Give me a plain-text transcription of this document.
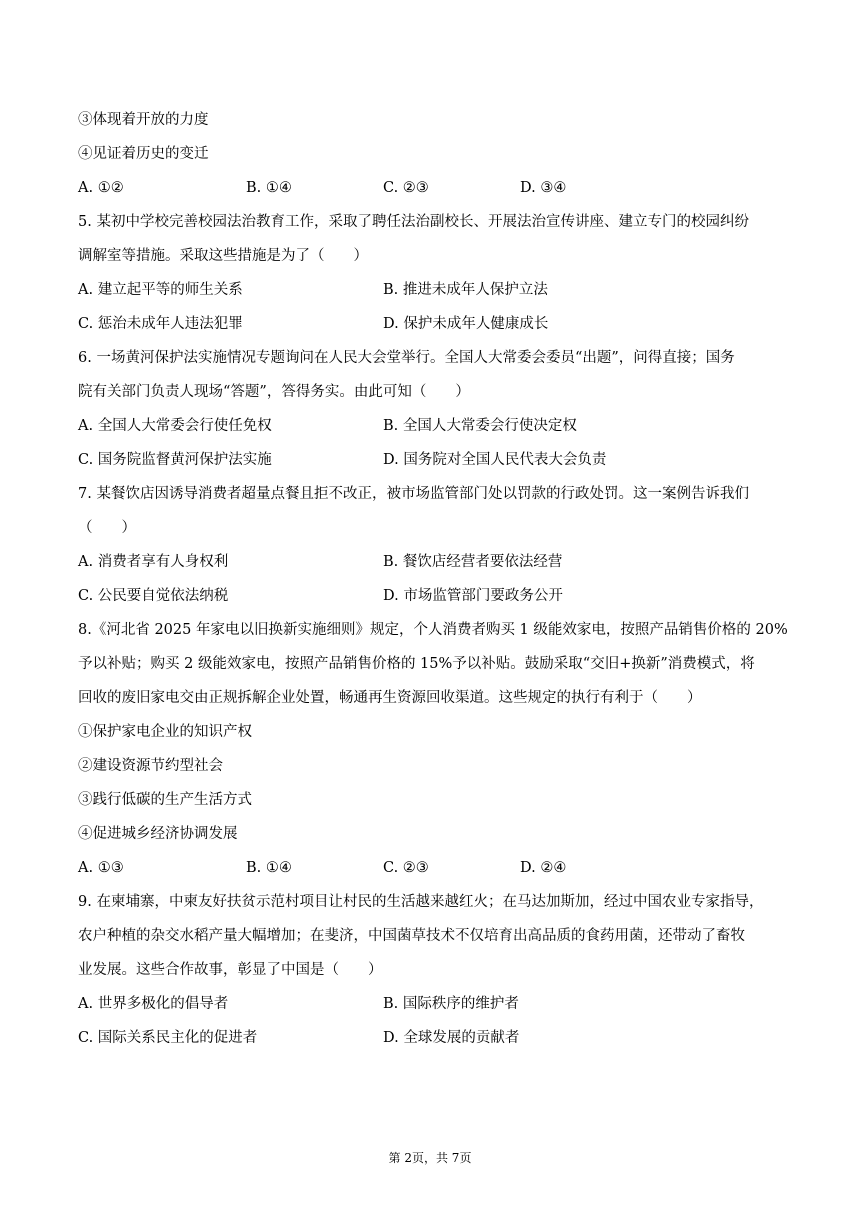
③体现着开放的力度
④见证着历史的变迁
A. ①②	B. ①④	C. ②③	D. ③④
5. 某初中学校完善校园法治教育工作，采取了聘任法治副校长、开展法治宣传讲座、建立专门的校园纠纷
调解室等措施。采取这些措施是为了（　　）
A. 建立起平等的师生关系	B. 推进未成年人保护立法
C. 惩治未成年人违法犯罪	D. 保护未成年人健康成长
6. 一场黄河保护法实施情况专题询问在人民大会堂举行。全国人大常委会委员“出题”，问得直接；国务
院有关部门负责人现场“答题”，答得务实。由此可知（　　）
A. 全国人大常委会行使任免权	B. 全国人大常委会行使决定权
C. 国务院监督黄河保护法实施	D. 国务院对全国人民代表大会负责
7. 某餐饮店因诱导消费者超量点餐且拒不改正，被市场监管部门处以罚款的行政处罚。这一案例告诉我们
（　　）
A. 消费者享有人身权利	B. 餐饮店经营者要依法经营
C. 公民要自觉依法纳税	D. 市场监管部门要政务公开
8.《河北省 2025 年家电以旧换新实施细则》规定，个人消费者购买 1 级能效家电，按照产品销售价格的 20%
予以补贴；购买 2 级能效家电，按照产品销售价格的 15%予以补贴。鼓励采取“交旧+换新”消费模式，将
回收的废旧家电交由正规拆解企业处置，畅通再生资源回收渠道。这些规定的执行有利于（　　）
①保护家电企业的知识产权
②建设资源节约型社会
③践行低碳的生产生活方式
④促进城乡经济协调发展
A. ①③	B. ①④	C. ②③	D. ②④
9. 在柬埔寨，中柬友好扶贫示范村项目让村民的生活越来越红火；在马达加斯加，经过中国农业专家指导，
农户种植的杂交水稻产量大幅增加；在斐济，中国菌草技术不仅培育出高品质的食药用菌，还带动了畜牧
业发展。这些合作故事，彰显了中国是（　　）
A. 世界多极化的倡导者	B. 国际秩序的维护者
C. 国际关系民主化的促进者	D. 全球发展的贡献者
第 2页，共 7页
